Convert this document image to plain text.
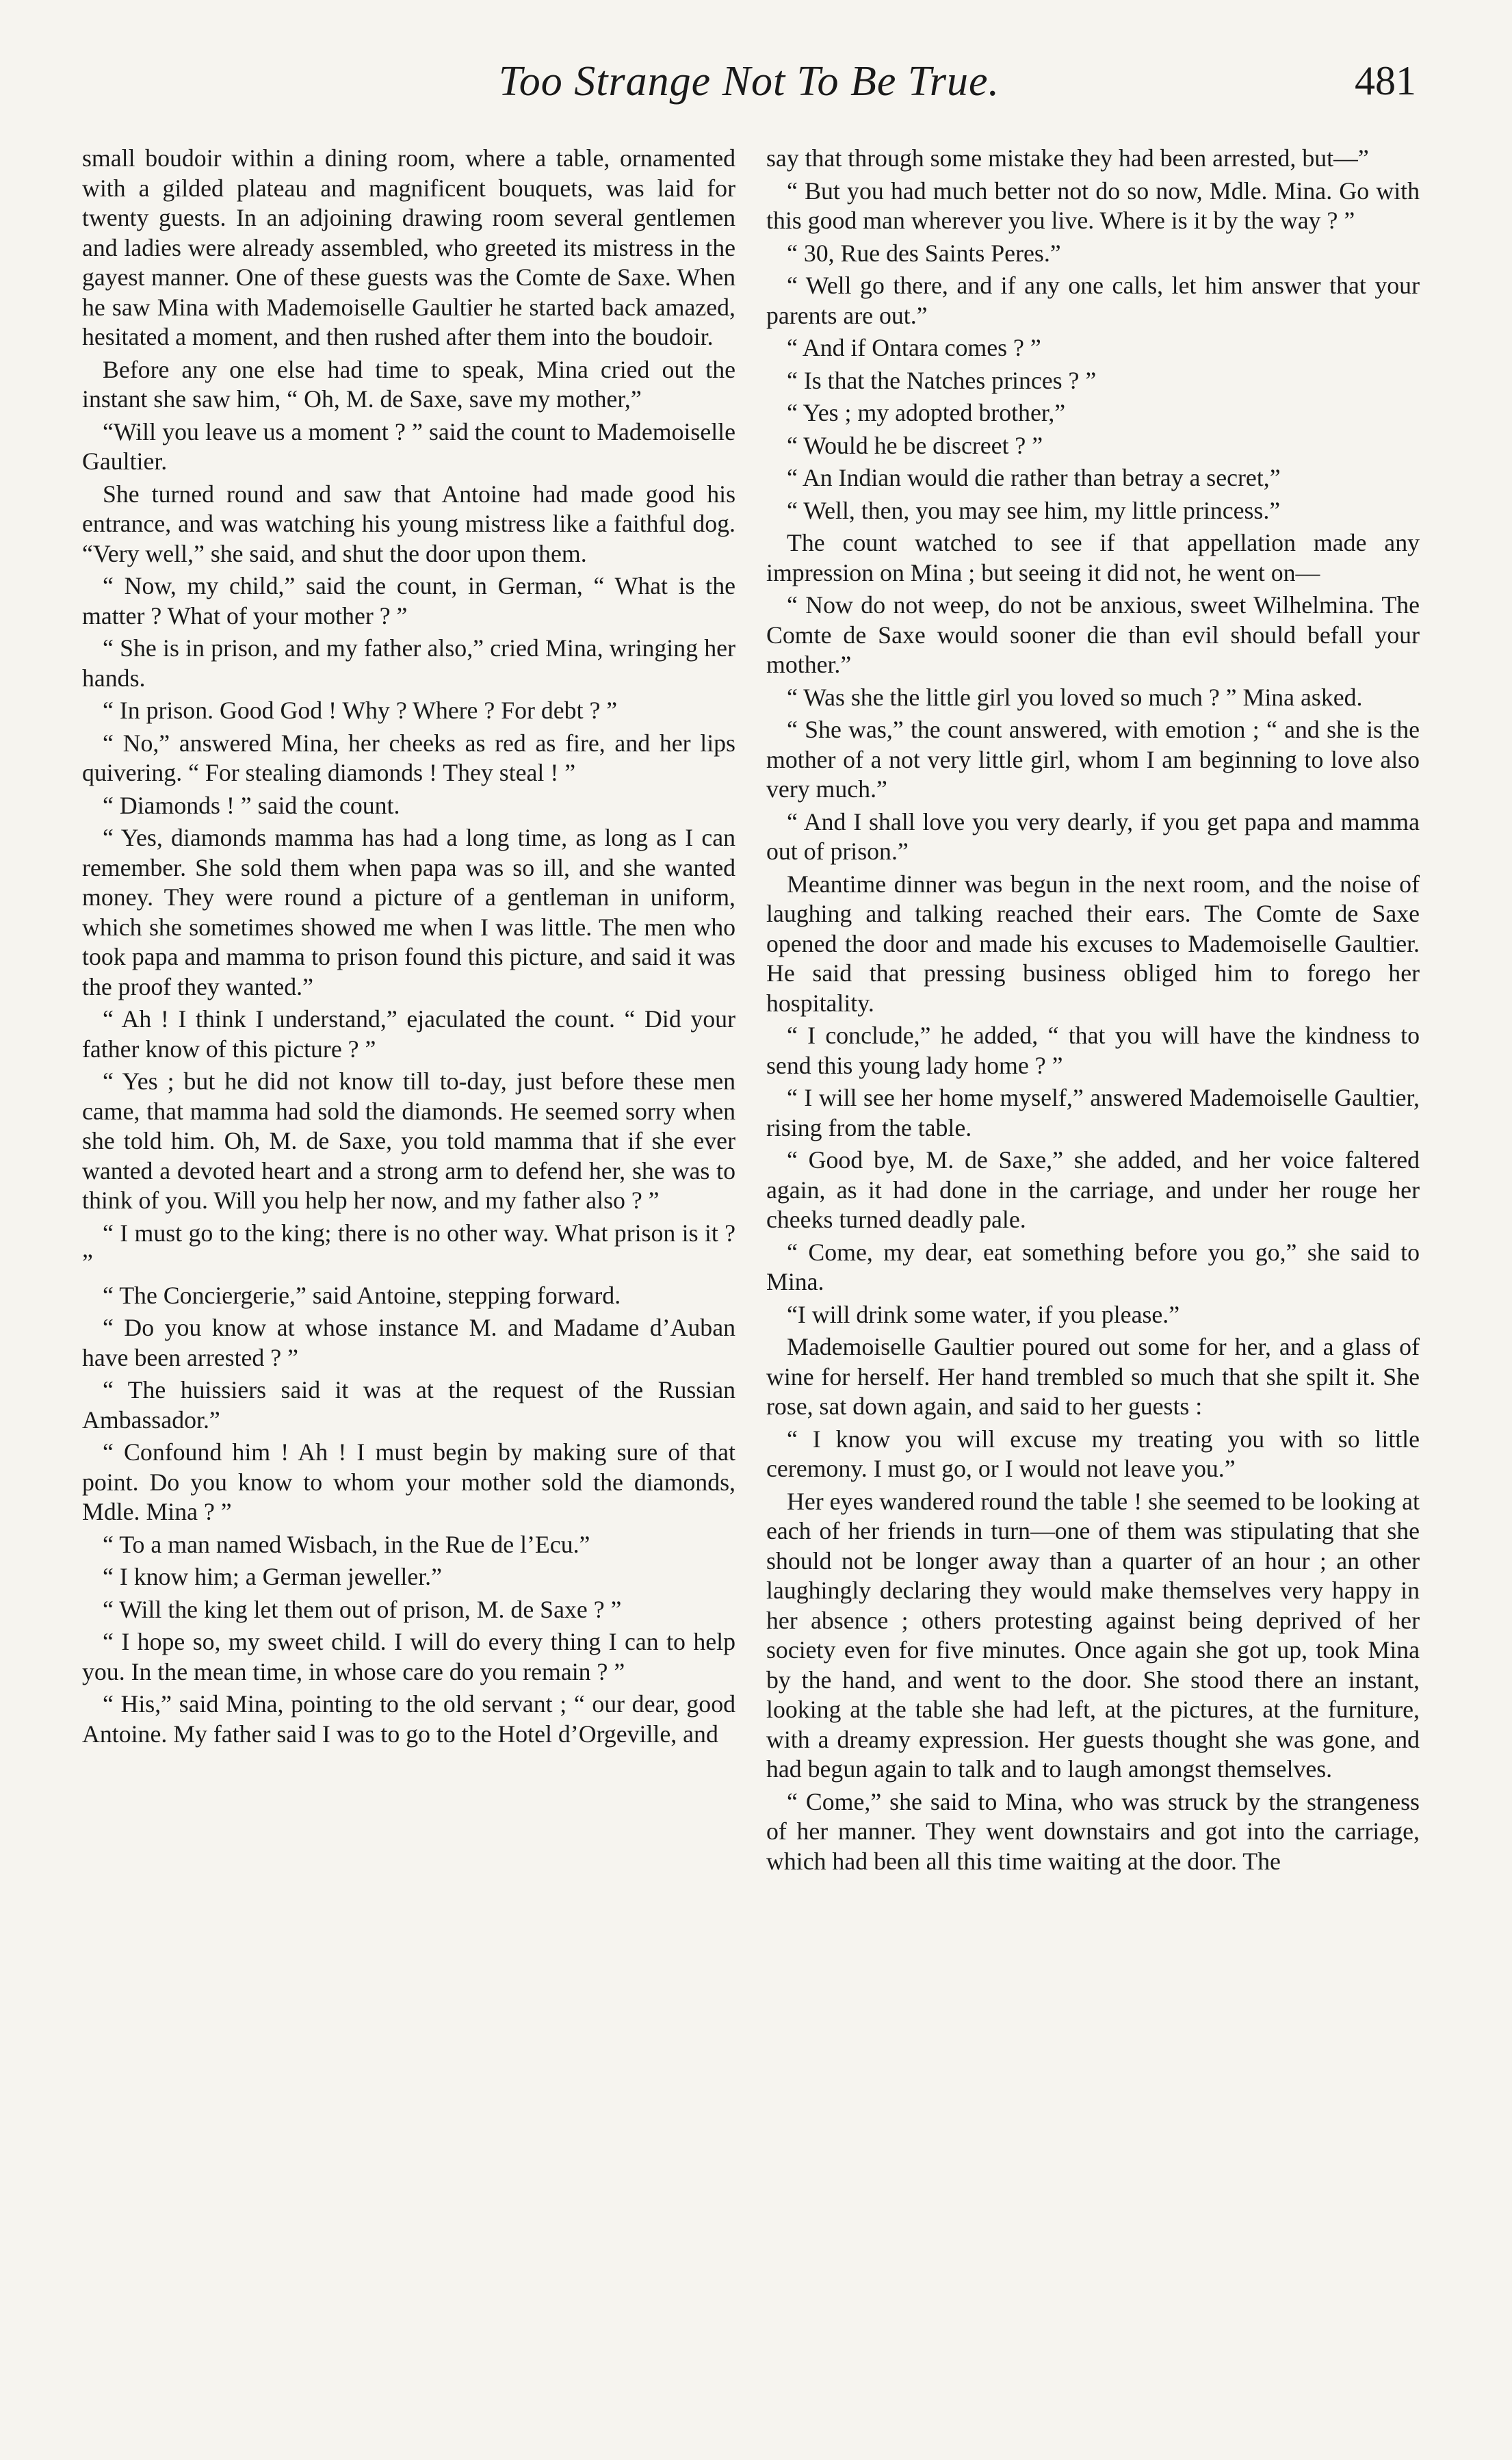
Too Strange Not To Be True.	481

small boudoir within a dining room, where a table, ornamented with a gilded plateau and magnificent bouquets, was laid for twenty guests. In an adjoining drawing room several gentlemen and ladies were already assembled, who greeted its mistress in the gayest manner. One of these guests was the Comte de Saxe. When he saw Mina with Mademoiselle Gaultier he started back amazed, hesitated a moment, and then rushed after them into the boudoir.

Before any one else had time to speak, Mina cried out the instant she saw him, “ Oh, M. de Saxe, save my mother,”

“Will you leave us a moment ? ” said the count to Mademoiselle Gaultier.

She turned round and saw that Antoine had made good his entrance, and was watching his young mistress like a faithful dog. “Very well,” she said, and shut the door upon them.

“ Now, my child,” said the count, in German, “ What is the matter ? What of your mother ? ”

“ She is in prison, and my father also,” cried Mina, wringing her hands.

“ In prison. Good God ! Why ? Where ? For debt ? ”

“ No,” answered Mina, her cheeks as red as fire, and her lips quivering. “ For stealing diamonds ! They steal ! ”

“ Diamonds ! ” said the count.

“ Yes, diamonds mamma has had a long time, as long as I can remember. She sold them when papa was so ill, and she wanted money. They were round a picture of a gentleman in uniform, which she sometimes showed me when I was little. The men who took papa and mamma to prison found this picture, and said it was the proof they wanted.”

“ Ah ! I think I understand,” ejaculated the count. “ Did your father know of this picture ? ”

“ Yes ; but he did not know till to-day, just before these men came, that mamma had sold the diamonds. He seemed sorry when she told him. Oh, M. de Saxe, you told mamma that if she ever wanted a devoted heart and a strong arm to defend her, she was to think of you. Will you help her now, and my father also ? ”

“ I must go to the king; there is no other way. What prison is it ? ”

“ The Conciergerie,” said Antoine, stepping forward.

“ Do you know at whose instance M. and Madame d’Auban have been arrested ? ”

“ The huissiers said it was at the request of the Russian Ambassador.”

“ Confound him ! Ah ! I must begin by making sure of that point. Do you know to whom your mother sold the diamonds, Mdle. Mina ? ”

“ To a man named Wisbach, in the Rue de l’Ecu.”

“ I know him; a German jeweller.”

“ Will the king let them out of prison, M. de Saxe ? ”

“ I hope so, my sweet child. I will do every thing I can to help you. In the mean time, in whose care do you remain ? ”

“ His,” said Mina, pointing to the old servant ; “ our dear, good Antoine. My father said I was to go to the Hotel d’Orgeville, and

say that through some mistake they had been arrested, but—”

“ But you had much better not do so now, Mdle. Mina. Go with this good man wherever you live. Where is it by the way ? ”

“ 30, Rue des Saints Peres.”

“ Well go there, and if any one calls, let him answer that your parents are out.”

“ And if Ontara comes ? ”

“ Is that the Natches princes ? ”

“ Yes ; my adopted brother,”

“ Would he be discreet ? ”

“ An Indian would die rather than betray a secret,”

“ Well, then, you may see him, my little princess.”

The count watched to see if that appellation made any impression on Mina ; but seeing it did not, he went on—

“ Now do not weep, do not be anxious, sweet Wilhelmina. The Comte de Saxe would sooner die than evil should befall your mother.”

“ Was she the little girl you loved so much ? ” Mina asked.

“ She was,” the count answered, with emotion ; “ and she is the mother of a not very little girl, whom I am beginning to love also very much.”

“ And I shall love you very dearly, if you get papa and mamma out of prison.”

Meantime dinner was begun in the next room, and the noise of laughing and talking reached their ears. The Comte de Saxe opened the door and made his excuses to Mademoiselle Gaultier. He said that pressing business obliged him to forego her hospitality.

“ I conclude,” he added, “ that you will have the kindness to send this young lady home ? ”

“ I will see her home myself,” answered Mademoiselle Gaultier, rising from the table.

“ Good bye, M. de Saxe,” she added, and her voice faltered again, as it had done in the carriage, and under her rouge her cheeks turned deadly pale.

“ Come, my dear, eat something before you go,” she said to Mina.

“I will drink some water, if you please.”

Mademoiselle Gaultier poured out some for her, and a glass of wine for herself. Her hand trembled so much that she spilt it. She rose, sat down again, and said to her guests :

“ I know you will excuse my treating you with so little ceremony. I must go, or I would not leave you.”

Her eyes wandered round the table ! she seemed to be looking at each of her friends in turn—one of them was stipulating that she should not be longer away than a quarter of an hour ; an other laughingly declaring they would make themselves very happy in her absence ; others protesting against being deprived of her society even for five minutes. Once again she got up, took Mina by the hand, and went to the door. She stood there an instant, looking at the table she had left, at the pictures, at the furniture, with a dreamy expression. Her guests thought she was gone, and had begun again to talk and to laugh amongst themselves.

“ Come,” she said to Mina, who was struck by the strangeness of her manner. They went downstairs and got into the carriage, which had been all this time waiting at the door. The
